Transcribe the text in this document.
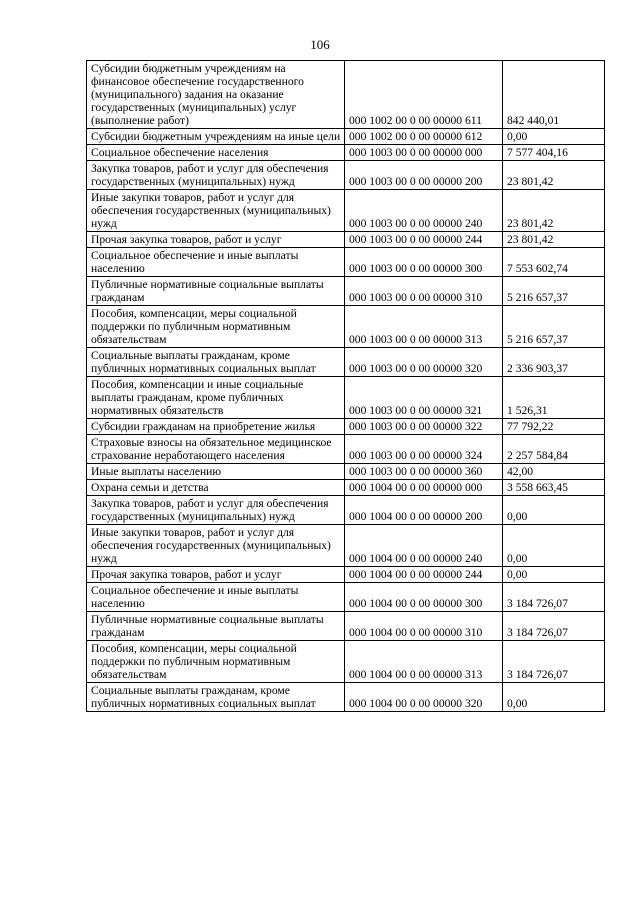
106
Субсидии бюджетным учреждениям на финансовое обеспечение государственного (муниципального) задания на оказание государственных (муниципальных) услуг (выполнение работ)	000 1002 00 0 00 00000 611	842 440,01
Субсидии бюджетным учреждениям на иные цели	000 1002 00 0 00 00000 612	0,00
Социальное обеспечение населения	000 1003 00 0 00 00000 000	7 577 404,16
Закупка товаров, работ и услуг для обеспечения государственных (муниципальных) нужд	000 1003 00 0 00 00000 200	23 801,42
Иные закупки товаров, работ и услуг для обеспечения государственных (муниципальных) нужд	000 1003 00 0 00 00000 240	23 801,42
Прочая закупка товаров, работ и услуг	000 1003 00 0 00 00000 244	23 801,42
Социальное обеспечение и иные выплаты населению	000 1003 00 0 00 00000 300	7 553 602,74
Публичные нормативные социальные выплаты гражданам	000 1003 00 0 00 00000 310	5 216 657,37
Пособия, компенсации, меры социальной поддержки по публичным нормативным обязательствам	000 1003 00 0 00 00000 313	5 216 657,37
Социальные выплаты гражданам, кроме публичных нормативных социальных выплат	000 1003 00 0 00 00000 320	2 336 903,37
Пособия, компенсации и иные социальные выплаты гражданам, кроме публичных нормативных обязательств	000 1003 00 0 00 00000 321	1 526,31
Субсидии гражданам на приобретение жилья	000 1003 00 0 00 00000 322	77 792,22
Страховые взносы на обязательное медицинское страхование неработающего населения	000 1003 00 0 00 00000 324	2 257 584,84
Иные выплаты населению	000 1003 00 0 00 00000 360	42,00
Охрана семьи и детства	000 1004 00 0 00 00000 000	3 558 663,45
Закупка товаров, работ и услуг для обеспечения государственных (муниципальных) нужд	000 1004 00 0 00 00000 200	0,00
Иные закупки товаров, работ и услуг для обеспечения государственных (муниципальных) нужд	000 1004 00 0 00 00000 240	0,00
Прочая закупка товаров, работ и услуг	000 1004 00 0 00 00000 244	0,00
Социальное обеспечение и иные выплаты населению	000 1004 00 0 00 00000 300	3 184 726,07
Публичные нормативные социальные выплаты гражданам	000 1004 00 0 00 00000 310	3 184 726,07
Пособия, компенсации, меры социальной поддержки по публичным нормативным обязательствам	000 1004 00 0 00 00000 313	3 184 726,07
Социальные выплаты гражданам, кроме публичных нормативных социальных выплат	000 1004 00 0 00 00000 320	0,00
